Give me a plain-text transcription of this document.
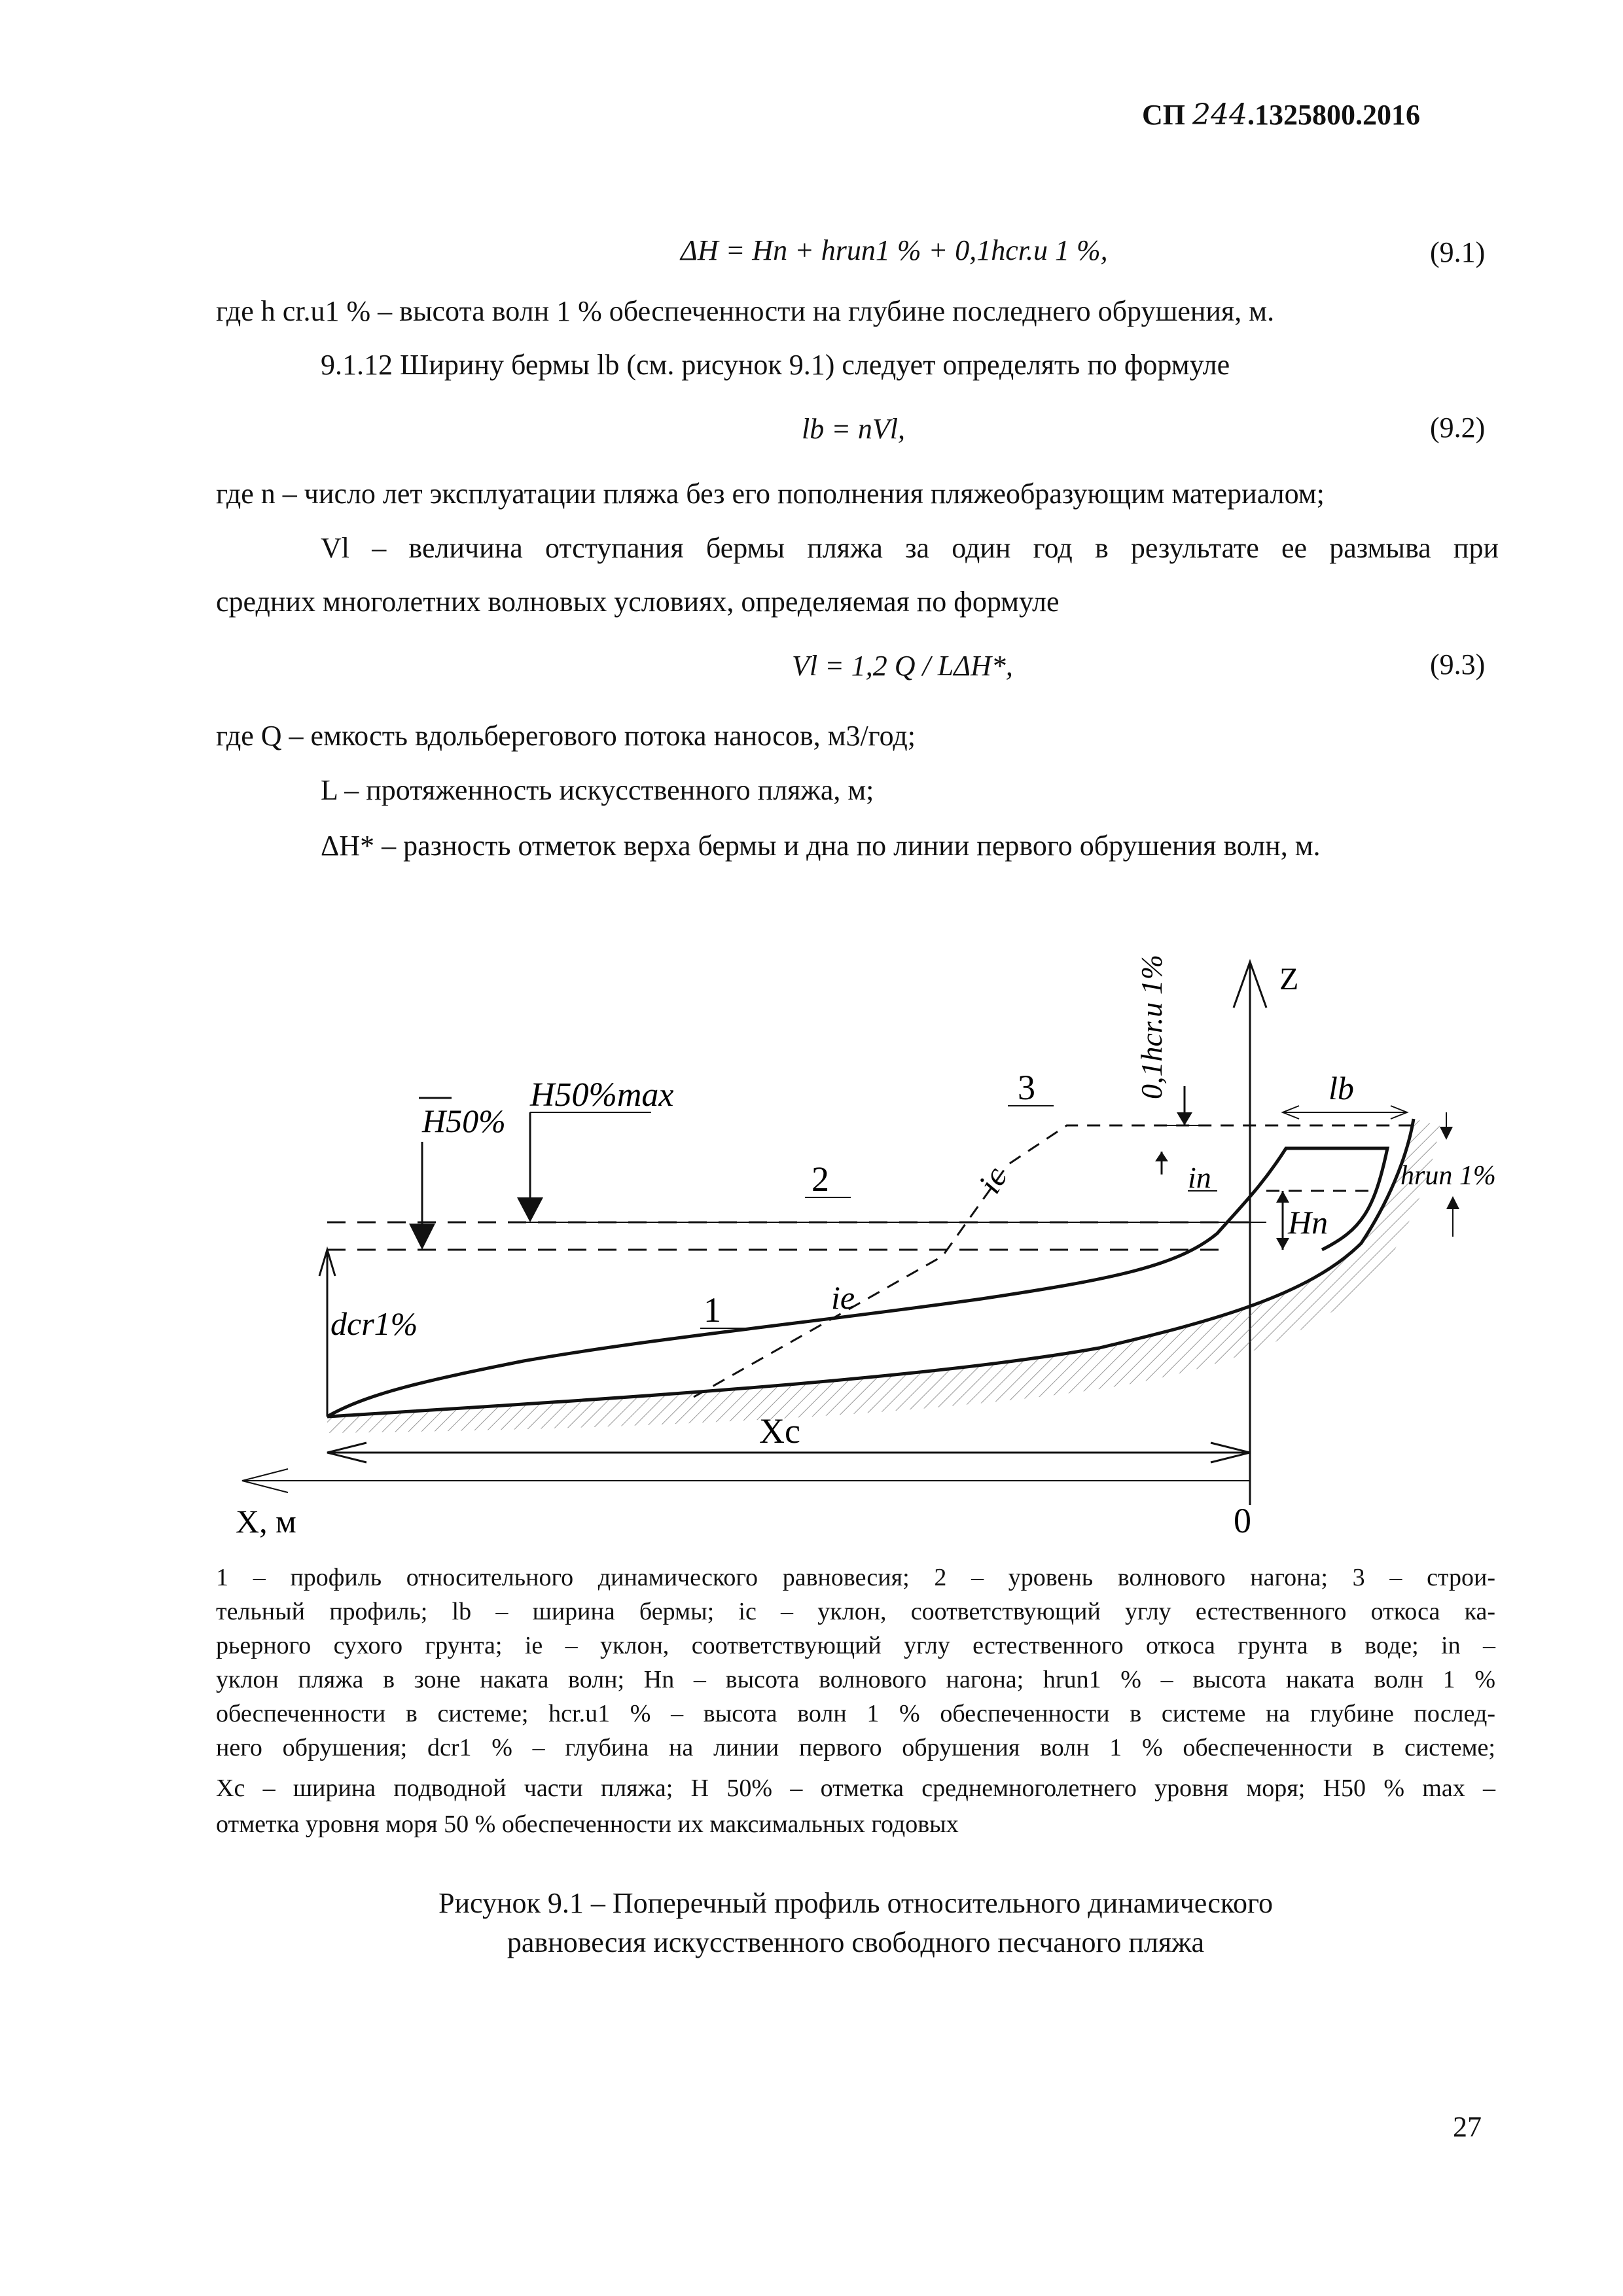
СП 244.1325800.2016
ΔH = Hn + hrun1 % + 0,1hcr.u 1 %,	(9.1)
где h cr.u1 % – высота волн 1 % обеспеченности на глубине последнего обрушения, м.
9.1.12 Ширину бермы lb (см. рисунок 9.1) следует определять по формуле
lb = nVl,	(9.2)
где n – число лет эксплуатации пляжа без его пополнения пляжеобразующим материалом;
Vl – величина отступания бермы пляжа за один год в результате ее размыва при
средних многолетних волновых условиях, определяемая по формуле
Vl = 1,2 Q / LΔH*,	(9.3)
где Q – емкость вдольберегового потока наносов, м3/год;
L – протяженность искусственного пляжа, м;
ΔH* – разность отметок верха бермы и дна по линии первого обрушения волн, м.
Z
X, м	0
Xc
dcr1%
H50%
H50%max
1
2
3
ic
ie
0,1hcr.u 1%
in
Hn
lb
hrun 1%
1 – профиль относительного динамического равновесия; 2 – уровень волнового нагона; 3 – строи-
тельный профиль; lb – ширина бермы; ic – уклон, соответствующий углу естественного откоса ка-
рьерного сухого грунта; ie – уклон, соответствующий углу естественного откоса грунта в воде; in –
уклон пляжа в зоне наката волн; Hn – высота волнового нагона; hrun1 % – высота наката волн 1 %
обеспеченности в системе; hcr.u1 % – высота волн 1 % обеспеченности в системе на глубине послед-
него обрушения; dcr1 % – глубина на линии первого обрушения волн 1 % обеспеченности в системе;
Xc – ширина подводной части пляжа; H 50% – отметка среднемноголетнего уровня моря; H50 % max –
отметка уровня моря 50 % обеспеченности их максимальных годовых
Рисунок 9.1 – Поперечный профиль относительного динамического
равновесия искусственного свободного песчаного пляжа
27
